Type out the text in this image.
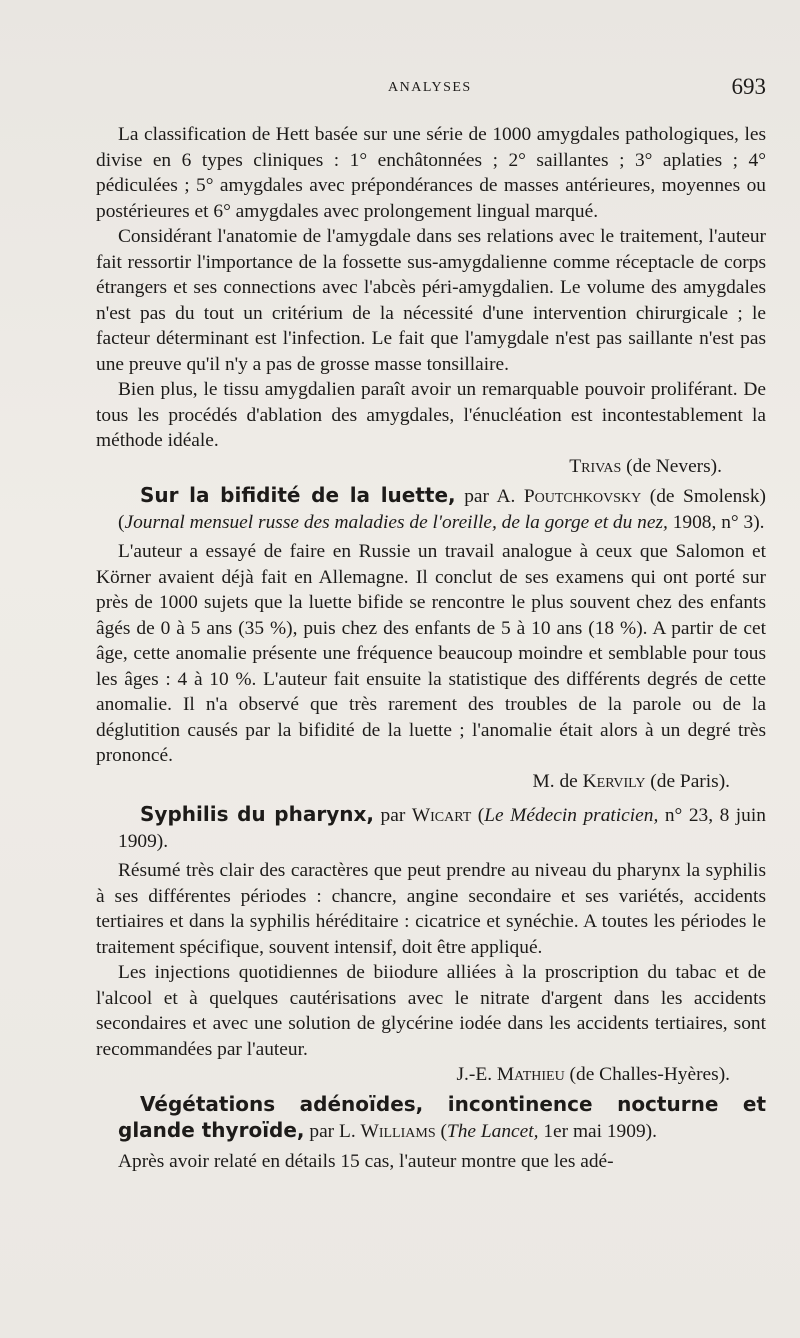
ANALYSES	693

La classification de Hett basée sur une série de 1000 amygdales pathologiques, les divise en 6 types cliniques : 1° enchâtonnées ; 2° saillantes ; 3° aplaties ; 4° pédiculées ; 5° amygdales avec prépondérances de masses antérieures, moyennes ou postérieures et 6° amygdales avec prolongement lingual marqué.

Considérant l'anatomie de l'amygdale dans ses relations avec le traitement, l'auteur fait ressortir l'importance de la fossette sus-amygdalienne comme réceptacle de corps étrangers et ses connections avec l'abcès péri-amygdalien. Le volume des amygdales n'est pas du tout un critérium de la nécessité d'une intervention chirurgicale ; le facteur déterminant est l'infection. Le fait que l'amygdale n'est pas saillante n'est pas une preuve qu'il n'y a pas de grosse masse tonsillaire.

Bien plus, le tissu amygdalien paraît avoir un remarquable pouvoir proliférant. De tous les procédés d'ablation des amygdales, l'énucléation est incontestablement la méthode idéale.

Trivas (de Nevers).

Sur la bifidité de la luette, par A. Poutchkovsky (de Smolensk) (Journal mensuel russe des maladies de l'oreille, de la gorge et du nez, 1908, n° 3).

L'auteur a essayé de faire en Russie un travail analogue à ceux que Salomon et Körner avaient déjà fait en Allemagne. Il conclut de ses examens qui ont porté sur près de 1000 sujets que la luette bifide se rencontre le plus souvent chez des enfants âgés de 0 à 5 ans (35 %), puis chez des enfants de 5 à 10 ans (18 %). A partir de cet âge, cette anomalie présente une fréquence beaucoup moindre et semblable pour tous les âges : 4 à 10 %. L'auteur fait ensuite la statistique des différents degrés de cette anomalie. Il n'a observé que très rarement des troubles de la parole ou de la déglutition causés par la bifidité de la luette ; l'anomalie était alors à un degré très prononcé.

M. de Kervily (de Paris).

Syphilis du pharynx, par Wicart (Le Médecin praticien, n° 23, 8 juin 1909).

Résumé très clair des caractères que peut prendre au niveau du pharynx la syphilis à ses différentes périodes : chancre, angine secondaire et ses variétés, accidents tertiaires et dans la syphilis héréditaire : cicatrice et synéchie. A toutes les périodes le traitement spécifique, souvent intensif, doit être appliqué.

Les injections quotidiennes de biiodure alliées à la proscription du tabac et de l'alcool et à quelques cautérisations avec le nitrate d'argent dans les accidents secondaires et avec une solution de glycérine iodée dans les accidents tertiaires, sont recommandées par l'auteur.

J.-E. Mathieu (de Challes-Hyères).

Végétations adénoïdes, incontinence nocturne et glande thyroïde, par L. Williams (The Lancet, 1er mai 1909).

Après avoir relaté en détails 15 cas, l'auteur montre que les adé-
